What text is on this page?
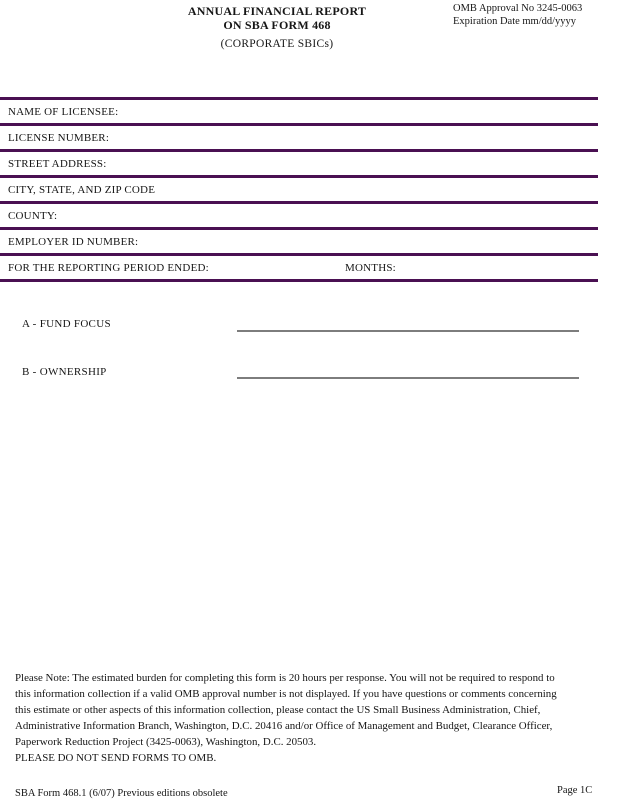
ANNUAL FINANCIAL REPORT
ON SBA FORM 468
(CORPORATE SBICs)
OMB Approval No 3245-0063
Expiration Date mm/dd/yyyy
NAME OF LICENSEE:
LICENSE NUMBER:
STREET ADDRESS:
CITY, STATE, AND ZIP CODE
COUNTY:
EMPLOYER ID NUMBER:
FOR THE REPORTING PERIOD ENDED:	MONTHS:
A - FUND FOCUS
B - OWNERSHIP
Please Note: The estimated burden for completing this form is 20 hours per response. You will not be required to respond to this information collection if a valid OMB approval number is not displayed. If you have questions or comments concerning this estimate or other aspects of this information collection, please contact the US Small Business Administration, Chief, Administrative Information Branch, Washington, D.C. 20416 and/or Office of Management and Budget, Clearance Officer, Paperwork Reduction Project (3425-0063), Washington, D.C. 20503.
PLEASE DO NOT SEND FORMS TO OMB.
SBA Form 468.1 (6/07) Previous editions obsolete	Page 1C
